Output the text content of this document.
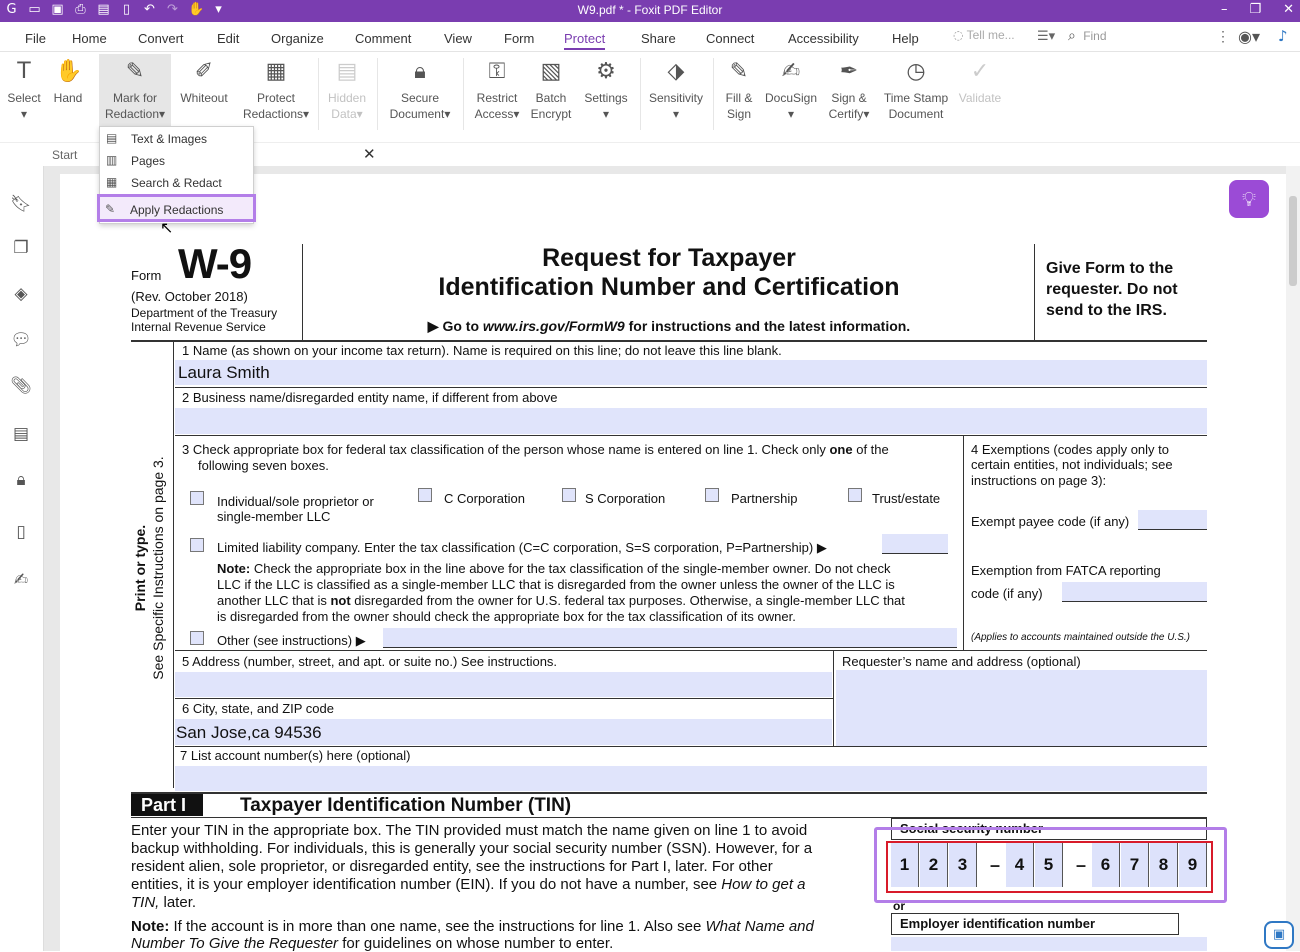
G ▭ ▣ ⎙ ▤	▯	↶ ↷ ✋ ▾	W9.pdf * - Foxit PDF Editor	– ❐ ✕
File Home Convert	Edit Organize Comment	View Form Protect	Share Connect	Accessibility	Help	◌ Tell me...	☰▾ ⌕ Find	⋮ ◉▾ ♪
T
Select
▾
✋
Hand
✎
Mark for
Redaction▾
✐
Whiteout
▦
Protect
Redactions▾
▤
Hidden
Data▾
🔒︎
Secure
Document▾
⚿
Restrict
Access▾
▧
Batch
Encrypt
⚙
Settings
▾
⬗
Sensitivity
▾
✎
Fill &
Sign
✍
DocuSign
▾
✒
Sign &
Certify▾
◷
Time Stamp
Document
✓
Validate
Start	✕
🔖︎
❐
◈
💬︎
📎︎
▤
🔒︎
▯
✍
Form W-9
(Rev. October 2018)
Department of the Treasury
Internal Revenue Service
Request for Taxpayer
Identification Number and Certification
▶ Go to www.irs.gov/FormW9 for instructions and the latest information.
Give Form to the
requester. Do not
send to the IRS.
Print or type. See Specific Instructions on page 3.
1 Name (as shown on your income tax return). Name is required on this line; do not leave this line blank.
Laura Smith
2 Business name/disregarded entity name, if different from above
3 Check appropriate box for federal tax classification of the person whose name is entered on line 1. Check only one of the
following seven boxes.
Individual/sole proprietor or
single-member LLC
C Corporation	S Corporation	Partnership	Trust/estate
Limited liability company. Enter the tax classification (C=C corporation, S=S corporation, P=Partnership) ▶
Note: Check the appropriate box in the line above for the tax classification of the single-member owner. Do not check
LLC if the LLC is classified as a single-member LLC that is disregarded from the owner unless the owner of the LLC is
another LLC that is not disregarded from the owner for U.S. federal tax purposes. Otherwise, a single-member LLC that
is disregarded from the owner should check the appropriate box for the tax classification of its owner.
Other (see instructions) ▶
4 Exemptions (codes apply only to
certain entities, not individuals; see
instructions on page 3):
Exempt payee code (if any)
Exemption from FATCA reporting
code (if any)
(Applies to accounts maintained outside the U.S.)
5 Address (number, street, and apt. or suite no.) See instructions.	Requester’s name and address (optional)
6 City, state, and ZIP code
San Jose,ca 94536
7 List account number(s) here (optional)
Part I	Taxpayer Identification Number (TIN)
Enter your TIN in the appropriate box. The TIN provided must match the name given on line 1 to avoid
backup withholding. For individuals, this is generally your social security number (SSN). However, for a
resident alien, sole proprietor, or disregarded entity, see the instructions for Part I, later. For other
entities, it is your employer identification number (EIN). If you do not have a number, see How to get a
TIN, later.
Note: If the account is in more than one name, see the instructions for line 1. Also see What Name and
Number To Give the Requester for guidelines on whose number to enter.
Social security number
1	2	3	– 4	5	– 6	7	8	9
or
Employer identification number
💡︎
▣
▤ Text & Images
▥ Pages
▦ Search & Redact
✎ Apply Redactions
↖
